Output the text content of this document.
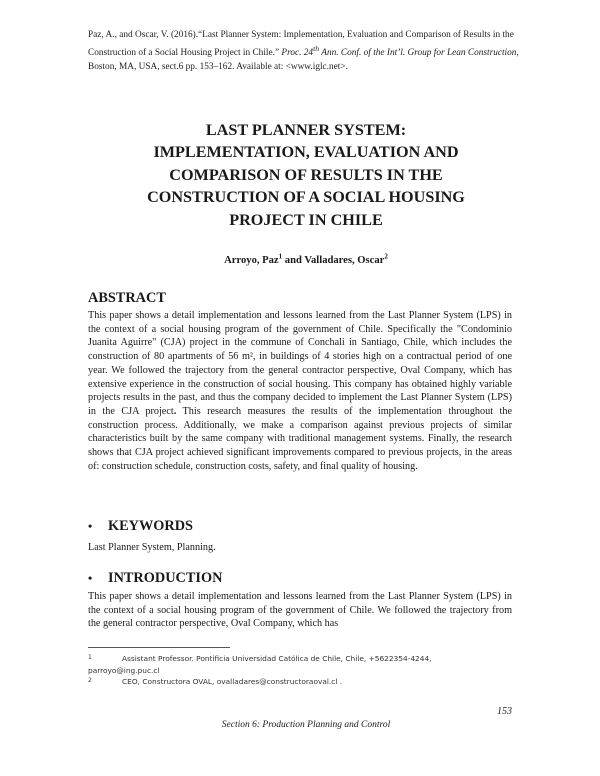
Paz, A., and Oscar, V. (2016).“Last Planner System: Implementation, Evaluation and Comparison of Results in the Construction of a Social Housing Project in Chile.” Proc. 24th Ann. Conf. of the Int’l. Group for Lean Construction, Boston, MA, USA, sect.6 pp. 153–162. Available at: <www.iglc.net>.
LAST PLANNER SYSTEM:
IMPLEMENTATION, EVALUATION AND
COMPARISON OF RESULTS IN THE
CONSTRUCTION OF A SOCIAL HOUSING
PROJECT IN CHILE
Arroyo, Paz$^1$ and Valladares, Oscar$^2$
ABSTRACT

This paper shows a detail implementation and lessons learned from the Last Planner System (LPS) in the context of a social housing program of the government of Chile. Specifically the "Condominio Juanita Aguirre" (CJA) project in the commune of Conchali in Santiago, Chile, which includes the construction of 80 apartments of 56 m², in buildings of 4 stories high on a contractual period of one year. We followed the trajectory from the general contractor perspective, Oval Company, which has extensive experience in the construction of social housing. This company has obtained highly variable projects results in the past, and thus the company decided to implement the Last Planner System (LPS) in the CJA project. This research measures the results of the implementation throughout the construction process. Additionally, we make a comparison against previous projects of similar characteristics built by the same company with traditional management systems. Finally, the research shows that CJA project achieved significant improvements compared to previous projects, in the areas of: construction schedule, construction costs, safety, and final quality of housing.

• KEYWORDS

Last Planner System, Planning.

• INTRODUCTION

This paper shows a detail implementation and lessons learned from the Last Planner System (LPS) in the context of a social housing program of the government of Chile. We followed the trajectory from the general contractor perspective, Oval Company, which has

1	Assistant Professor. Pontificia Universidad Católica de Chile, Chile, +5622354-4244,
parroyo@ing.puc.cl
2	CEO, Constructora OVAL, ovalladares@constructoraoval.cl .
153
Section 6: Production Planning and Control
